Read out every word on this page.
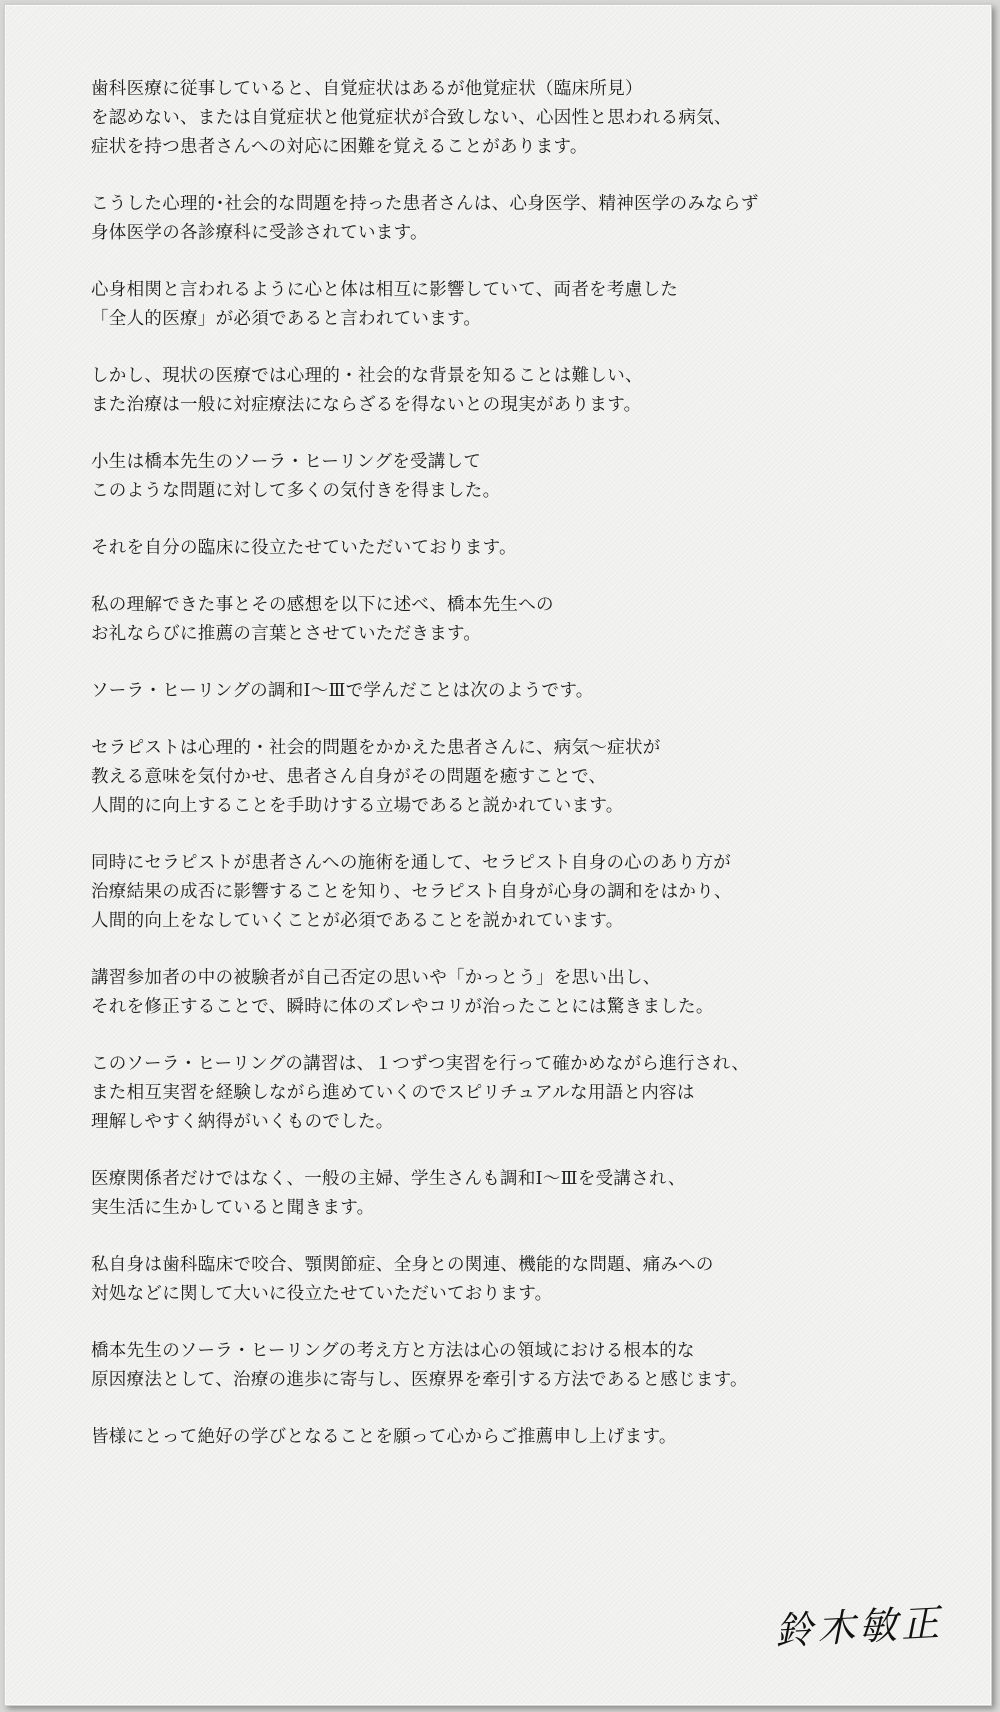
歯科医療に従事していると、自覚症状はあるが他覚症状（臨床所見）
を認めない、または自覚症状と他覚症状が合致しない、心因性と思われる病気、
症状を持つ患者さんへの対応に困難を覚えることがあります。
こうした心理的･社会的な問題を持った患者さんは、心身医学、精神医学のみならず
身体医学の各診療科に受診されています。
心身相関と言われるように心と体は相互に影響していて、両者を考慮した
「全人的医療」が必須であると言われています。
しかし、現状の医療では心理的・社会的な背景を知ることは難しい、
また治療は一般に対症療法にならざるを得ないとの現実があります。
小生は橋本先生のソーラ・ヒーリングを受講して
このような問題に対して多くの気付きを得ました。
それを自分の臨床に役立たせていただいております。
私の理解できた事とその感想を以下に述べ、橋本先生への
お礼ならびに推薦の言葉とさせていただきます。
ソーラ・ヒーリングの調和Ⅰ～Ⅲで学んだことは次のようです。
セラピストは心理的・社会的問題をかかえた患者さんに、病気～症状が
教える意味を気付かせ、患者さん自身がその問題を癒すことで、
人間的に向上することを手助けする立場であると説かれています。
同時にセラピストが患者さんへの施術を通して、セラピスト自身の心のあり方が
治療結果の成否に影響することを知り、セラピスト自身が心身の調和をはかり、
人間的向上をなしていくことが必須であることを説かれています。
講習参加者の中の被験者が自己否定の思いや「かっとう」を思い出し、
それを修正することで、瞬時に体のズレやコリが治ったことには驚きました。
このソーラ・ヒーリングの講習は、１つずつ実習を行って確かめながら進行され、
また相互実習を経験しながら進めていくのでスピリチュアルな用語と内容は
理解しやすく納得がいくものでした。
医療関係者だけではなく、一般の主婦、学生さんも調和Ⅰ～Ⅲを受講され、
実生活に生かしていると聞きます。
私自身は歯科臨床で咬合、顎関節症、全身との関連、機能的な問題、痛みへの
対処などに関して大いに役立たせていただいております。
橋本先生のソーラ・ヒーリングの考え方と方法は心の領域における根本的な
原因療法として、治療の進歩に寄与し、医療界を牽引する方法であると感じます。
皆様にとって絶好の学びとなることを願って心からご推薦申し上げます。
鈴木敏正
